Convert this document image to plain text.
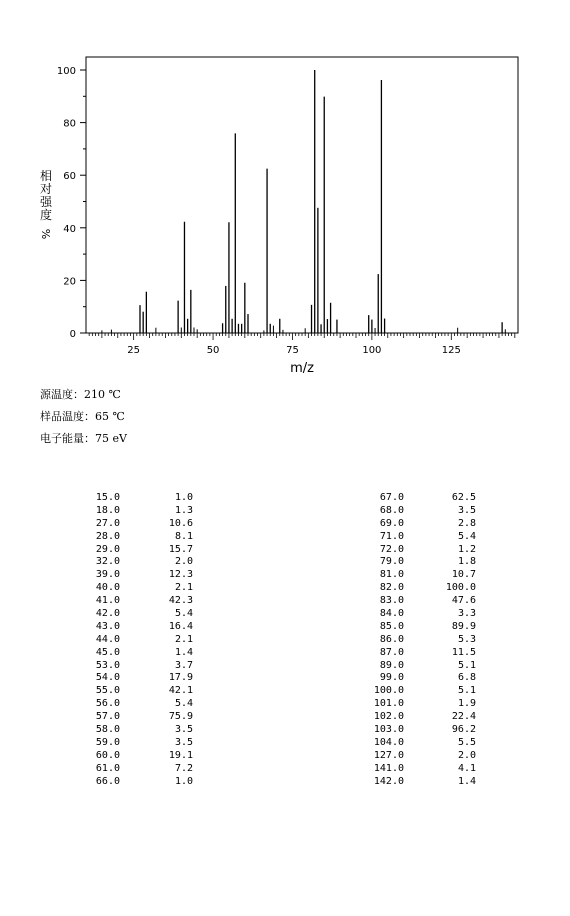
0
20
40
60
80
100
25	50	75	100	125
m/z
相
对
强
度
%
源温度：210 ℃
样品温度：65 ℃
电子能量：75 eV
15.0	1.0
18.0	1.3
27.0	10.6
28.0	8.1
29.0	15.7
32.0	2.0
39.0	12.3
40.0	2.1
41.0	42.3
42.0	5.4
43.0	16.4
44.0	2.1
45.0	1.4
53.0	3.7
54.0	17.9
55.0	42.1
56.0	5.4
57.0	75.9
58.0	3.5
59.0	3.5
60.0	19.1
61.0	7.2
66.0	1.0
67.0	62.5
68.0	3.5
69.0	2.8
71.0	5.4
72.0	1.2
79.0	1.8
81.0	10.7
82.0	100.0
83.0	47.6
84.0	3.3
85.0	89.9
86.0	5.3
87.0	11.5
89.0	5.1
99.0	6.8
100.0	5.1
101.0	1.9
102.0	22.4
103.0	96.2
104.0	5.5
127.0	2.0
141.0	4.1
142.0	1.4
